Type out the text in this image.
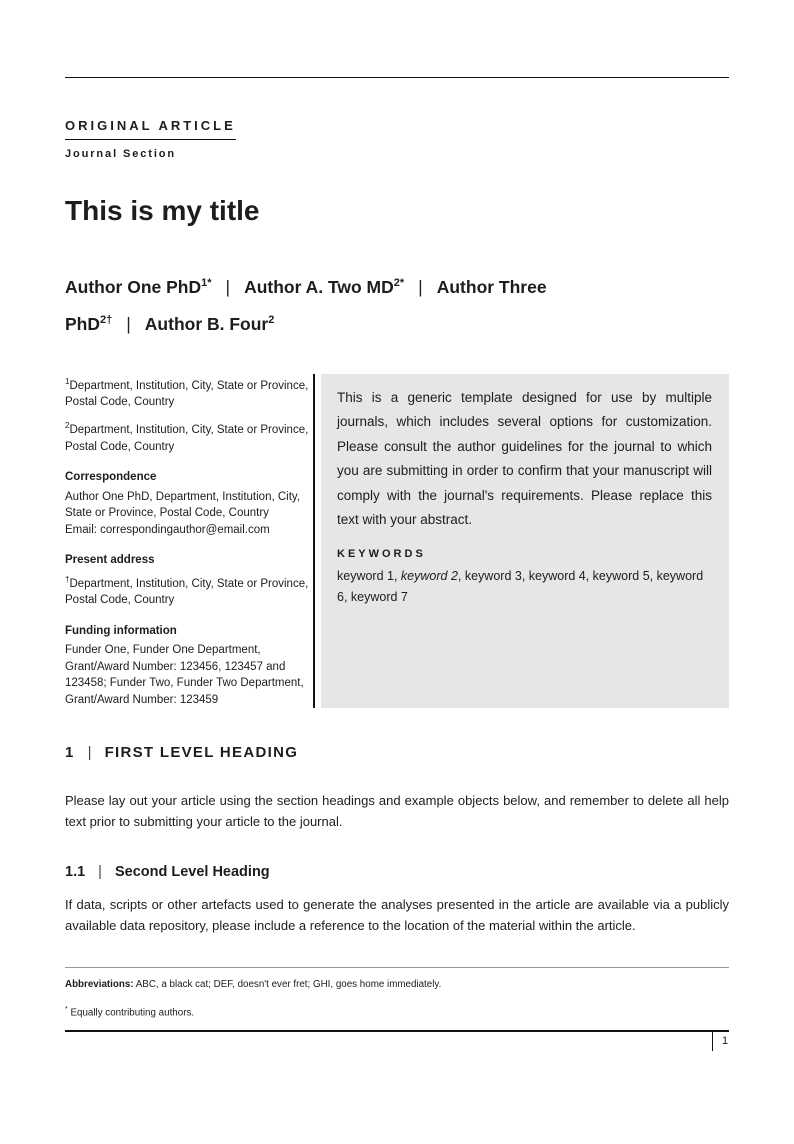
ORIGINAL ARTICLE
Journal Section
This is my title
Author One PhD$^{1*}$ | Author A. Two $MD^{2*}$ | Author Three PhD$^{2\dagger}$ | Author B. Four$^2$

$^1$Department, Institution, City, State or Province, Postal Code, Country

$^2$Department, Institution, City, State or Province, Postal Code, Country

Correspondence
Author One PhD, Department, Institution, City, State or Province, Postal Code, Country
Email: correspondingauthor@email.com
Present address
†Department, Institution, City, State or Province, Postal Code, Country
Funding information
Funder One, Funder One Department, Grant/Award Number: 123456, 123457 and 123458; Funder Two, Funder Two Department, Grant/Award Number: 123459
This is a generic template designed for use by multiple journals, which includes several options for customization. Please consult the author guidelines for the journal to which you are submitting in order to confirm that your manuscript will comply with the journal's requirements. Please replace this text with your abstract.
KEYWORDS
keyword 1, keyword 2, keyword 3, keyword 4, keyword 5, keyword 6, keyword 7
1 | FIRST LEVEL HEADING

Please lay out your article using the section headings and example objects below, and remember to delete all help text prior to submitting your article to the journal.

1.1 | Second Level Heading

If data, scripts or other artefacts used to generate the analyses presented in the article are available via a publicly available data repository, please include a reference to the location of the material within the article.

Abbreviations: ABC, a black cat; DEF, doesn't ever fret; GHI, goes home immediately.
* Equally contributing authors.
1
